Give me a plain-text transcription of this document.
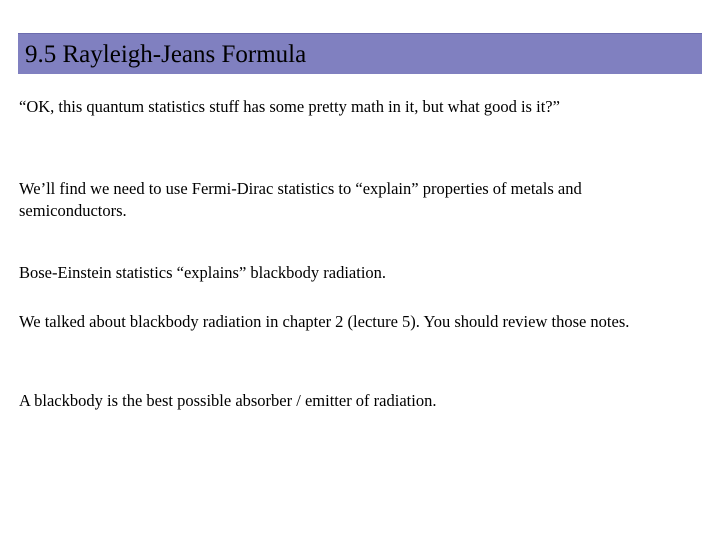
9.5 Rayleigh-Jeans Formula
“OK, this quantum statistics stuff has some pretty math in it, but what good is it?”
We’ll find we need to use Fermi-Dirac statistics to “explain” properties of metals and semiconductors.
Bose-Einstein statistics “explains” blackbody radiation.
We talked about blackbody radiation in chapter 2 (lecture 5). You should review those notes.
A blackbody is the best possible absorber / emitter of radiation.
